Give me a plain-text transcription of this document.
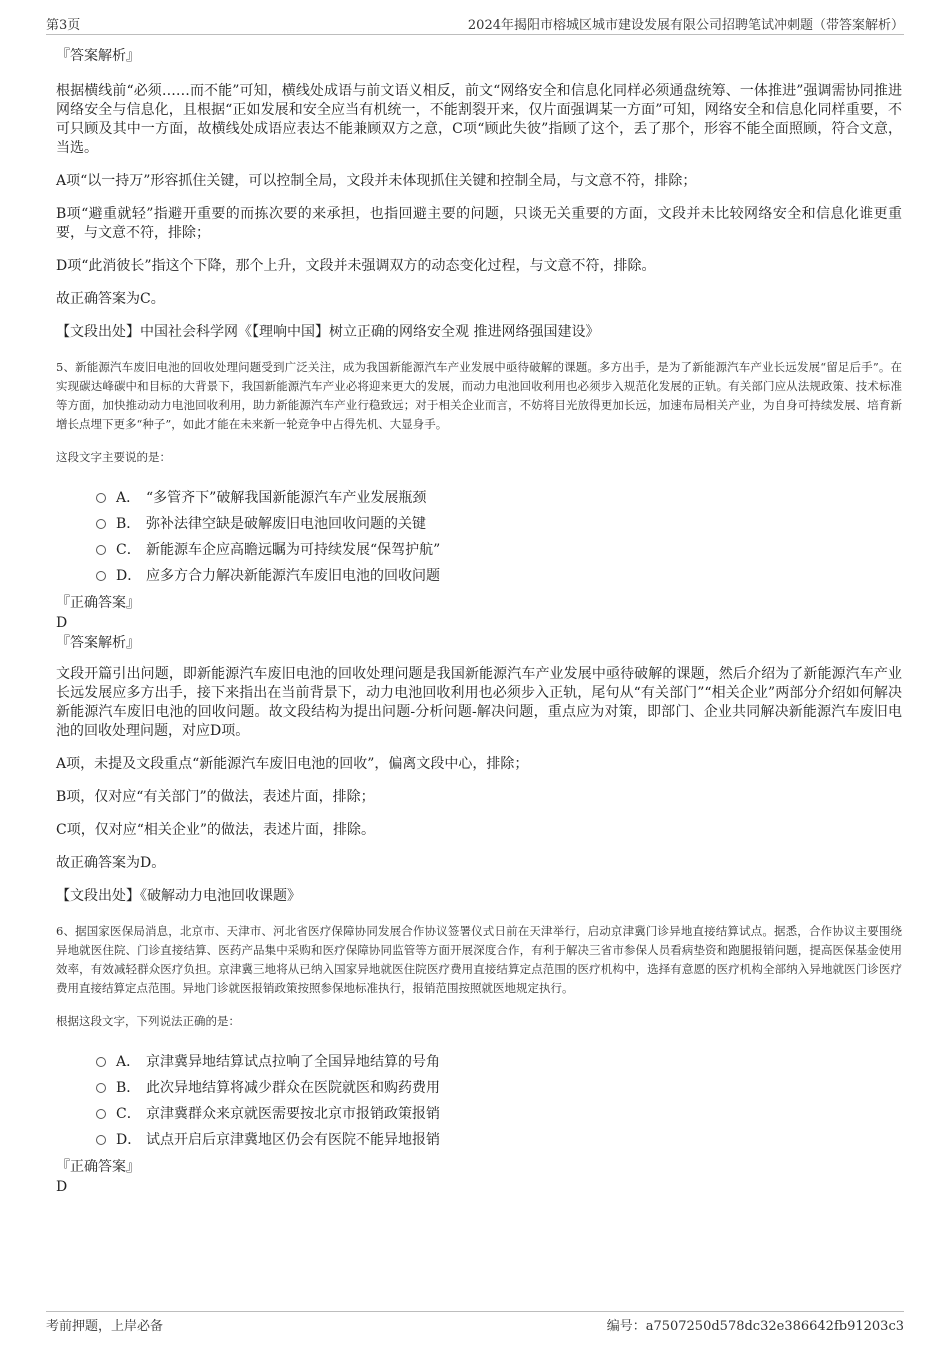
第3页	2024年揭阳市榕城区城市建设发展有限公司招聘笔试冲刺题（带答案解析）
『答案解析』

根据横线前“必须……而不能”可知，横线处成语与前文语义相反，前文“网络安全和信息化同样必须通盘统筹、一体推进”强调需协同推进网络安全与信息化，且根据“正如发展和安全应当有机统一，不能割裂开来，仅片面强调某一方面”可知，网络安全和信息化同样重要，不可只顾及其中一方面，故横线处成语应表达不能兼顾双方之意，C项“顾此失彼”指顾了这个，丢了那个，形容不能全面照顾，符合文意，当选。

A项“以一持万”形容抓住关键，可以控制全局，文段并未体现抓住关键和控制全局，与文意不符，排除；

B项“避重就轻”指避开重要的而拣次要的来承担，也指回避主要的问题，只谈无关重要的方面，文段并未比较网络安全和信息化谁更重要，与文意不符，排除；

D项“此消彼长”指这个下降，那个上升，文段并未强调双方的动态变化过程，与文意不符，排除。

故正确答案为C。

【文段出处】中国社会科学网《【理响中国】树立正确的网络安全观 推进网络强国建设》

5、新能源汽车废旧电池的回收处理问题受到广泛关注，成为我国新能源汽车产业发展中亟待破解的课题。多方出手，是为了新能源汽车产业长远发展“留足后手”。在实现碳达峰碳中和目标的大背景下，我国新能源汽车产业必将迎来更大的发展，而动力电池回收利用也必须步入规范化发展的正轨。有关部门应从法规政策、技术标准等方面，加快推动动力电池回收利用，助力新能源汽车产业行稳致远；对于相关企业而言，不妨将目光放得更加长远，加速布局相关产业，为自身可持续发展、培育新增长点埋下更多“种子”，如此才能在未来新一轮竞争中占得先机、大显身手。

这段文字主要说的是：

A． “多管齐下”破解我国新能源汽车产业发展瓶颈
B． 弥补法律空缺是破解废旧电池回收问题的关键
C． 新能源车企应高瞻远瞩为可持续发展“保驾护航”
D． 应多方合力解决新能源汽车废旧电池的回收问题
『正确答案』
D
『答案解析』

文段开篇引出问题，即新能源汽车废旧电池的回收处理问题是我国新能源汽车产业发展中亟待破解的课题，然后介绍为了新能源汽车产业长远发展应多方出手，接下来指出在当前背景下，动力电池回收利用也必须步入正轨，尾句从“有关部门”“相关企业”两部分介绍如何解决新能源汽车废旧电池的回收问题。故文段结构为提出问题-分析问题-解决问题，重点应为对策，即部门、企业共同解决新能源汽车废旧电池的回收处理问题，对应D项。

A项，未提及文段重点“新能源汽车废旧电池的回收”，偏离文段中心，排除；

B项，仅对应“有关部门”的做法，表述片面，排除；

C项，仅对应“相关企业”的做法，表述片面，排除。

故正确答案为D。

【文段出处】《破解动力电池回收课题》

6、据国家医保局消息，北京市、天津市、河北省医疗保障协同发展合作协议签署仪式日前在天津举行，启动京津冀门诊异地直接结算试点。据悉，合作协议主要围绕异地就医住院、门诊直接结算、医药产品集中采购和医疗保障协同监管等方面开展深度合作，有利于解决三省市参保人员看病垫资和跑腿报销问题，提高医保基金使用效率，有效减轻群众医疗负担。京津冀三地将从已纳入国家异地就医住院医疗费用直接结算定点范围的医疗机构中，选择有意愿的医疗机构全部纳入异地就医门诊医疗费用直接结算定点范围。异地门诊就医报销政策按照参保地标准执行，报销范围按照就医地规定执行。

根据这段文字，下列说法正确的是：

A． 京津冀异地结算试点拉响了全国异地结算的号角
B． 此次异地结算将减少群众在医院就医和购药费用
C． 京津冀群众来京就医需要按北京市报销政策报销
D． 试点开启后京津冀地区仍会有医院不能异地报销
『正确答案』
D
考前押题，上岸必备	编号：a7507250d578dc32e386642fb91203c3
